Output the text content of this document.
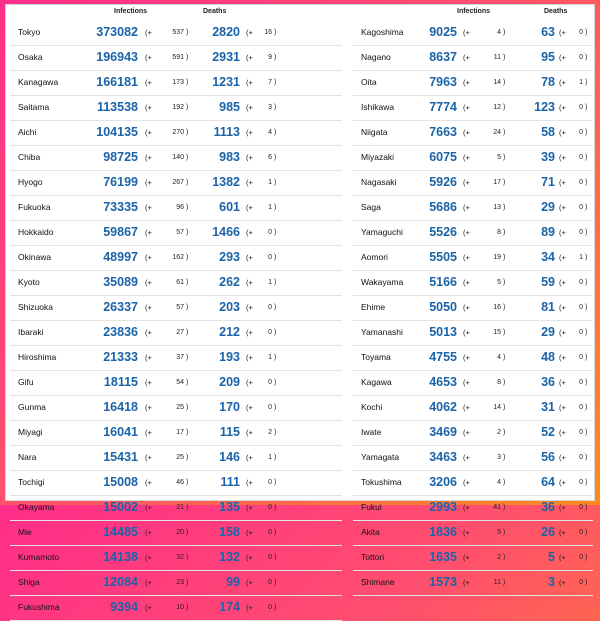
Infections	Deaths
Tokyo	373082 (+	537 ) 2820 (+ 16 )
Osaka	196943 (+	591 ) 2931 (+ 9 )
Kanagawa	166181 (+	173 ) 1231 (+ 7 )
Saitama	113538 (+	192 ) 985 (+ 3 )
Aichi	104135 (+	270 ) 1113 (+ 4 )
Chiba	98725 (+	140 ) 983 (+ 6 )
Hyogo	76199 (+	267 ) 1382 (+ 1 )
Fukuoka	73335 (+	96 ) 601 (+ 1 )
Hokkaido	59867 (+	57 ) 1466 (+ 0 )
Okinawa	48997 (+	162 ) 293 (+ 0 )
Kyoto	35089 (+	61 ) 262 (+ 1 )
Shizuoka	26337 (+	57 ) 203 (+ 0 )
Ibaraki	23836 (+	27 ) 212 (+ 0 )
Hiroshima	21333 (+	37 ) 193 (+ 1 )
Gifu	18115 (+	54 ) 209 (+ 0 )
Gunma	16418 (+	25 ) 170 (+ 0 )
Miyagi	16041 (+	17 )	115 (+ 2 )
Nara	15431 (+	25 ) 146 (+ 1 )
Tochigi	15008 (+	46 )	111 (+ 0 )
Okayama	15002 (+	21 ) 135 (+ 0 )
Mie	14485 (+	20 ) 158 (+ 0 )
Kumamoto	14138 (+	32 ) 132 (+ 0 )
Shiga	12084 (+	23 )	99 (+ 0 )
Fukushima	9394 (+	10 ) 174 (+ 0 )
Infections	Deaths
Kagoshima 9025 (+	4 )	63 (+ 0 )
Nagano	8637 (+	11 )	95 (+ 0 )
Oita	7963 (+	14 )	78 (+ 1 )
Ishikawa	7774 (+	12 ) 123 (+ 0 )
Niigata	7663 (+	24 )	58 (+ 0 )
Miyazaki	6075 (+	5 )	39 (+ 0 )
Nagasaki	5926 (+	17 )	71 (+ 0 )
Saga	5686 (+	13 )	29 (+ 0 )
Yamaguchi 5526 (+	8 )	89 (+ 0 )
Aomori	5505 (+	19 )	34 (+ 1 )
Wakayama 5166 (+	5 )	59 (+ 0 )
Ehime	5050 (+	16 )	81 (+ 0 )
Yamanashi 5013 (+	15 )	29 (+ 0 )
Toyama	4755 (+	4 )	48 (+ 0 )
Kagawa	4653 (+	8 )	36 (+ 0 )
Kochi	4062 (+	14 )	31 (+ 0 )
Iwate	3469 (+	2 )	52 (+ 0 )
Yamagata 3463 (+	3 )	56 (+ 0 )
Tokushima 3206 (+	4 )	64 (+ 0 )
Fukui	2993 (+	41 )	36 (+ 0 )
Akita	1836 (+	5 )	26 (+ 0 )
Tottori	1635 (+	2 )	5 (+ 0 )
Shimane	1573 (+	11 )	3 (+ 0 )
